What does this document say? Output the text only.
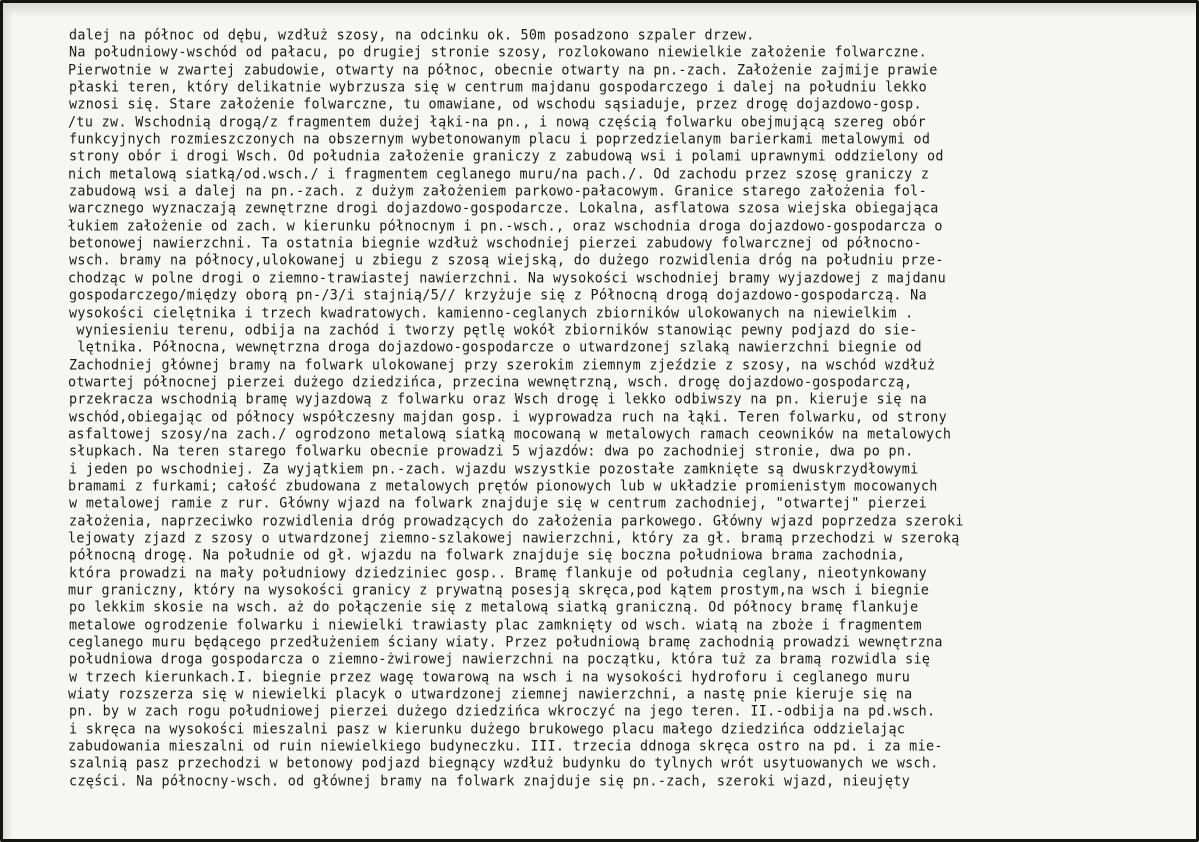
dalej na północ od dębu, wzdłuż szosy, na odcinku ok. 50m posadzono szpaler drzew.
Na południowy-wschód od pałacu, po drugiej stronie szosy, rozlokowano niewielkie założenie folwarczne.
Pierwotnie w zwartej zabudowie, otwarty na północ, obecnie otwarty na pn.-zach. Założenie zajmije prawie
płaski teren, który delikatnie wybrzusza się w centrum majdanu gospodarczego i dalej na południu lekko
wznosi się. Stare założenie folwarczne, tu omawiane, od wschodu sąsiaduje, przez drogę dojazdowo-gosp.
/tu zw. Wschodnią drogą/z fragmentem dużej łąki-na pn., i nową częścią folwarku obejmującą szereg obór
funkcyjnych rozmieszczonych na obszernym wybetonowanym placu i poprzedzielanym barierkami metalowymi od
strony obór i drogi Wsch. Od południa założenie graniczy z zabudową wsi i polami uprawnymi oddzielony od
nich metalową siatką/od.wsch./ i fragmentem ceglanego muru/na pach./. Od zachodu przez szosę graniczy z
zabudową wsi a dalej na pn.-zach. z dużym założeniem parkowo-pałacowym. Granice starego założenia fol-
warcznego wyznaczają zewnętrzne drogi dojazdowo-gospodarcze. Lokalna, asflatowa szosa wiejska obiegająca
łukiem założenie od zach. w kierunku północnym i pn.-wsch., oraz wschodnia droga dojazdowo-gospodarcza o
betonowej nawierzchni. Ta ostatnia biegnie wzdłuż wschodniej pierzei zabudowy folwarcznej od północno-
wsch. bramy na północy,ulokowanej u zbiegu z szosą wiejską, do dużego rozwidlenia dróg na południu prze-
chodząc w polne drogi o ziemno-trawiastej nawierzchni. Na wysokości wschodniej bramy wyjazdowej z majdanu
gospodarczego/między oborą pn-/3/i stajnią/5// krzyżuje się z Północną drogą dojazdowo-gospodarczą. Na
wysokości cielętnika i trzech kwadratowych. kamienno-ceglanych zbiorników ulokowanych na niewielkim .
wyniesieniu terenu, odbija na zachód i tworzy pętlę wokół zbiorników stanowiąc pewny podjazd do sie-
lętnika. Północna, wewnętrzna droga dojazdowo-gospodarcze o utwardzonej szlaką nawierzchni biegnie od
Zachodniej głównej bramy na folwark ulokowanej przy szerokim ziemnym zjeździe z szosy, na wschód wzdłuż
otwartej północnej pierzei dużego dziedzińca, przecina wewnętrzną, wsch. drogę dojazdowo-gospodarczą,
przekracza wschodnią bramę wyjazdową z folwarku oraz Wsch drogę i lekko odbiwszy na pn. kieruje się na
wschód,obiegając od północy współczesny majdan gosp. i wyprowadza ruch na łąki. Teren folwarku, od strony
asfaltowej szosy/na zach./ ogrodzono metalową siatką mocowaną w metalowych ramach ceowników na metalowych
słupkach. Na teren starego folwarku obecnie prowadzi 5 wjazdów: dwa po zachodniej stronie, dwa po pn.
i jeden po wschodniej. Za wyjątkiem pn.-zach. wjazdu wszystkie pozostałe zamknięte są dwuskrzydłowymi
bramami z furkami; całość zbudowana z metalowych prętów pionowych lub w układzie promienistym mocowanych
w metalowej ramie z rur. Główny wjazd na folwark znajduje się w centrum zachodniej, "otwartej" pierzei
założenia, naprzeciwko rozwidlenia dróg prowadzących do założenia parkowego. Główny wjazd poprzedza szeroki
lejowaty zjazd z szosy o utwardzonej ziemno-szlakowej nawierzchni, który za gł. bramą przechodzi w szeroką
północną drogę. Na południe od gł. wjazdu na folwark znajduje się boczna południowa brama zachodnia,
która prowadzi na mały południowy dziedziniec gosp.. Bramę flankuje od południa ceglany, nieotynkowany
mur graniczny, który na wysokości granicy z prywatną posesją skręca,pod kątem prostym,na wsch i biegnie
po lekkim skosie na wsch. aż do połączenie się z metalową siatką graniczną. Od północy bramę flankuje
metalowe ogrodzenie folwarku i niewielki trawiasty plac zamknięty od wsch. wiatą na zboże i fragmentem
ceglanego muru będącego przedłużeniem ściany wiaty. Przez południową bramę zachodnią prowadzi wewnętrzna
południowa droga gospodarcza o ziemno-żwirowej nawierzchni na początku, która tuż za bramą rozwidla się
w trzech kierunkach.I. biegnie przez wagę towarową na wsch i na wysokości hydroforu i ceglanego muru
wiaty rozszerza się w niewielki placyk o utwardzonej ziemnej nawierzchni, a nastę pnie kieruje się na
pn. by w zach rogu południowej pierzei dużego dziedzińca wkroczyć na jego teren. II.-odbija na pd.wsch.
i skręca na wysokości mieszalni pasz w kierunku dużego brukowego placu małego dziedzińca oddzielając
zabudowania mieszalni od ruin niewielkiego budyneczku. III. trzecia ddnoga skręca ostro na pd. i za mie-
szalnią pasz przechodzi w betonowy podjazd biegnący wzdłuż budynku do tylnych wrót usytuowanych we wsch.
części. Na północny-wsch. od głównej bramy na folwark znajduje się pn.-zach, szeroki wjazd, nieujęty
